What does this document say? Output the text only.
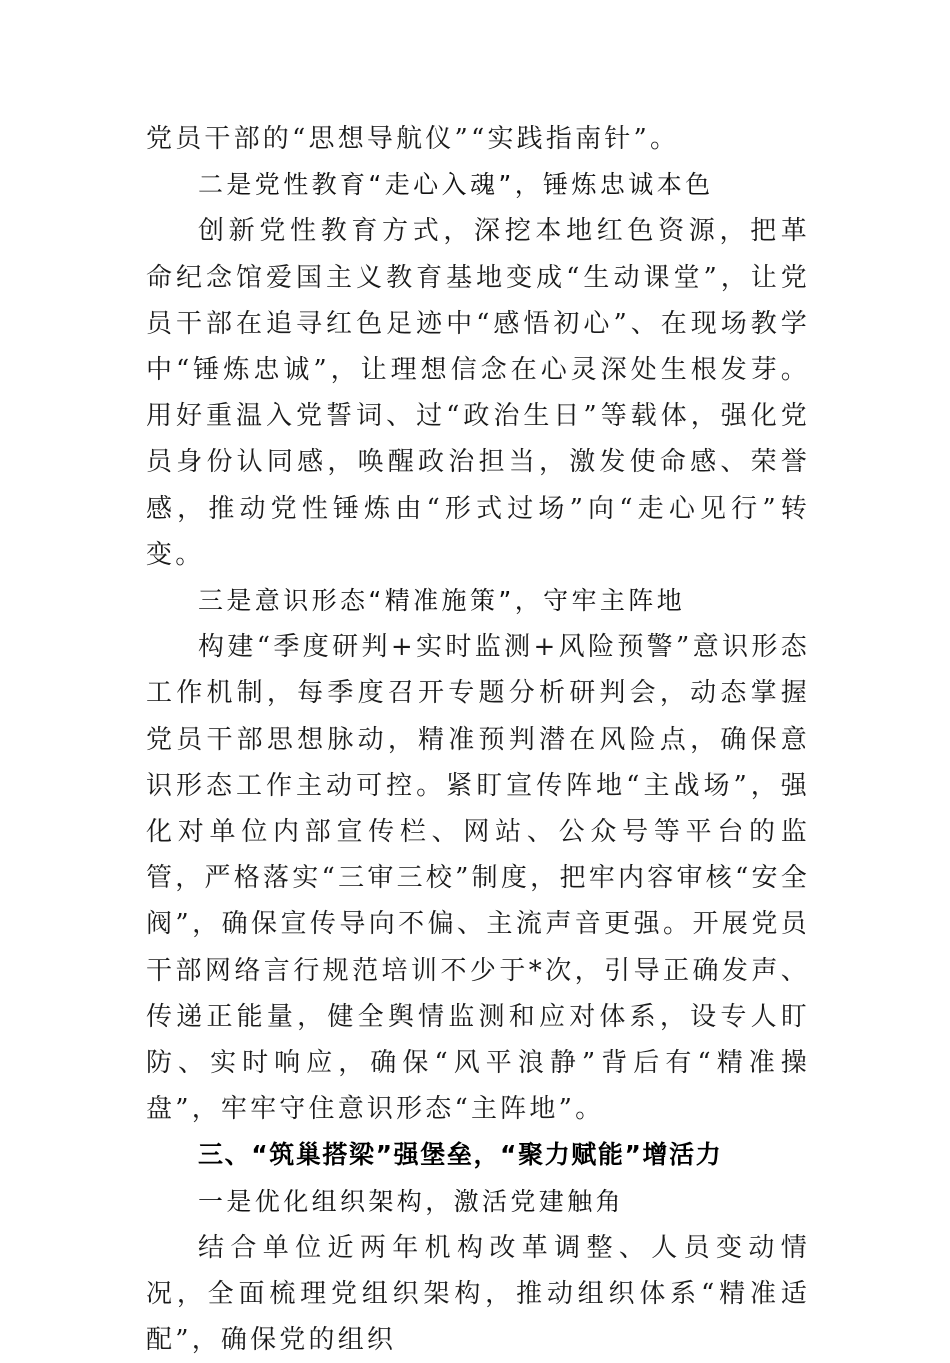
党员干部的“思想导航仪”“实践指南针”。

二是党性教育“走心入魂”，锤炼忠诚本色

创新党性教育方式，深挖本地红色资源，把革命纪念馆爱国主义教育基地变成“生动课堂”，让党员干部在追寻红色足迹中“感悟初心”、在现场教学中“锤炼忠诚”，让理想信念在心灵深处生根发芽。用好重温入党誓词、过“政治生日”等载体，强化党员身份认同感，唤醒政治担当，激发使命感、荣誉感，推动党性锤炼由“形式过场”向“走心见行”转变。

三是意识形态“精准施策”，守牢主阵地

构建“季度研判+实时监测+风险预警”意识形态工作机制，每季度召开专题分析研判会，动态掌握党员干部思想脉动，精准预判潜在风险点，确保意识形态工作主动可控。紧盯宣传阵地“主战场”，强化对单位内部宣传栏、网站、公众号等平台的监管，严格落实“三审三校”制度，把牢内容审核“安全阀”，确保宣传导向不偏、主流声音更强。开展党员干部网络言行规范培训不少于*次，引导正确发声、传递正能量，健全舆情监测和应对体系，设专人盯防、实时响应，确保“风平浪静”背后有“精准操盘”，牢牢守住意识形态“主阵地”。

三、“筑巢搭梁”强堡垒，“聚力赋能”增活力

一是优化组织架构，激活党建触角

结合单位近两年机构改革调整、人员变动情况，全面梳理党组织架构，推动组织体系“精准适配”，确保党的组织
